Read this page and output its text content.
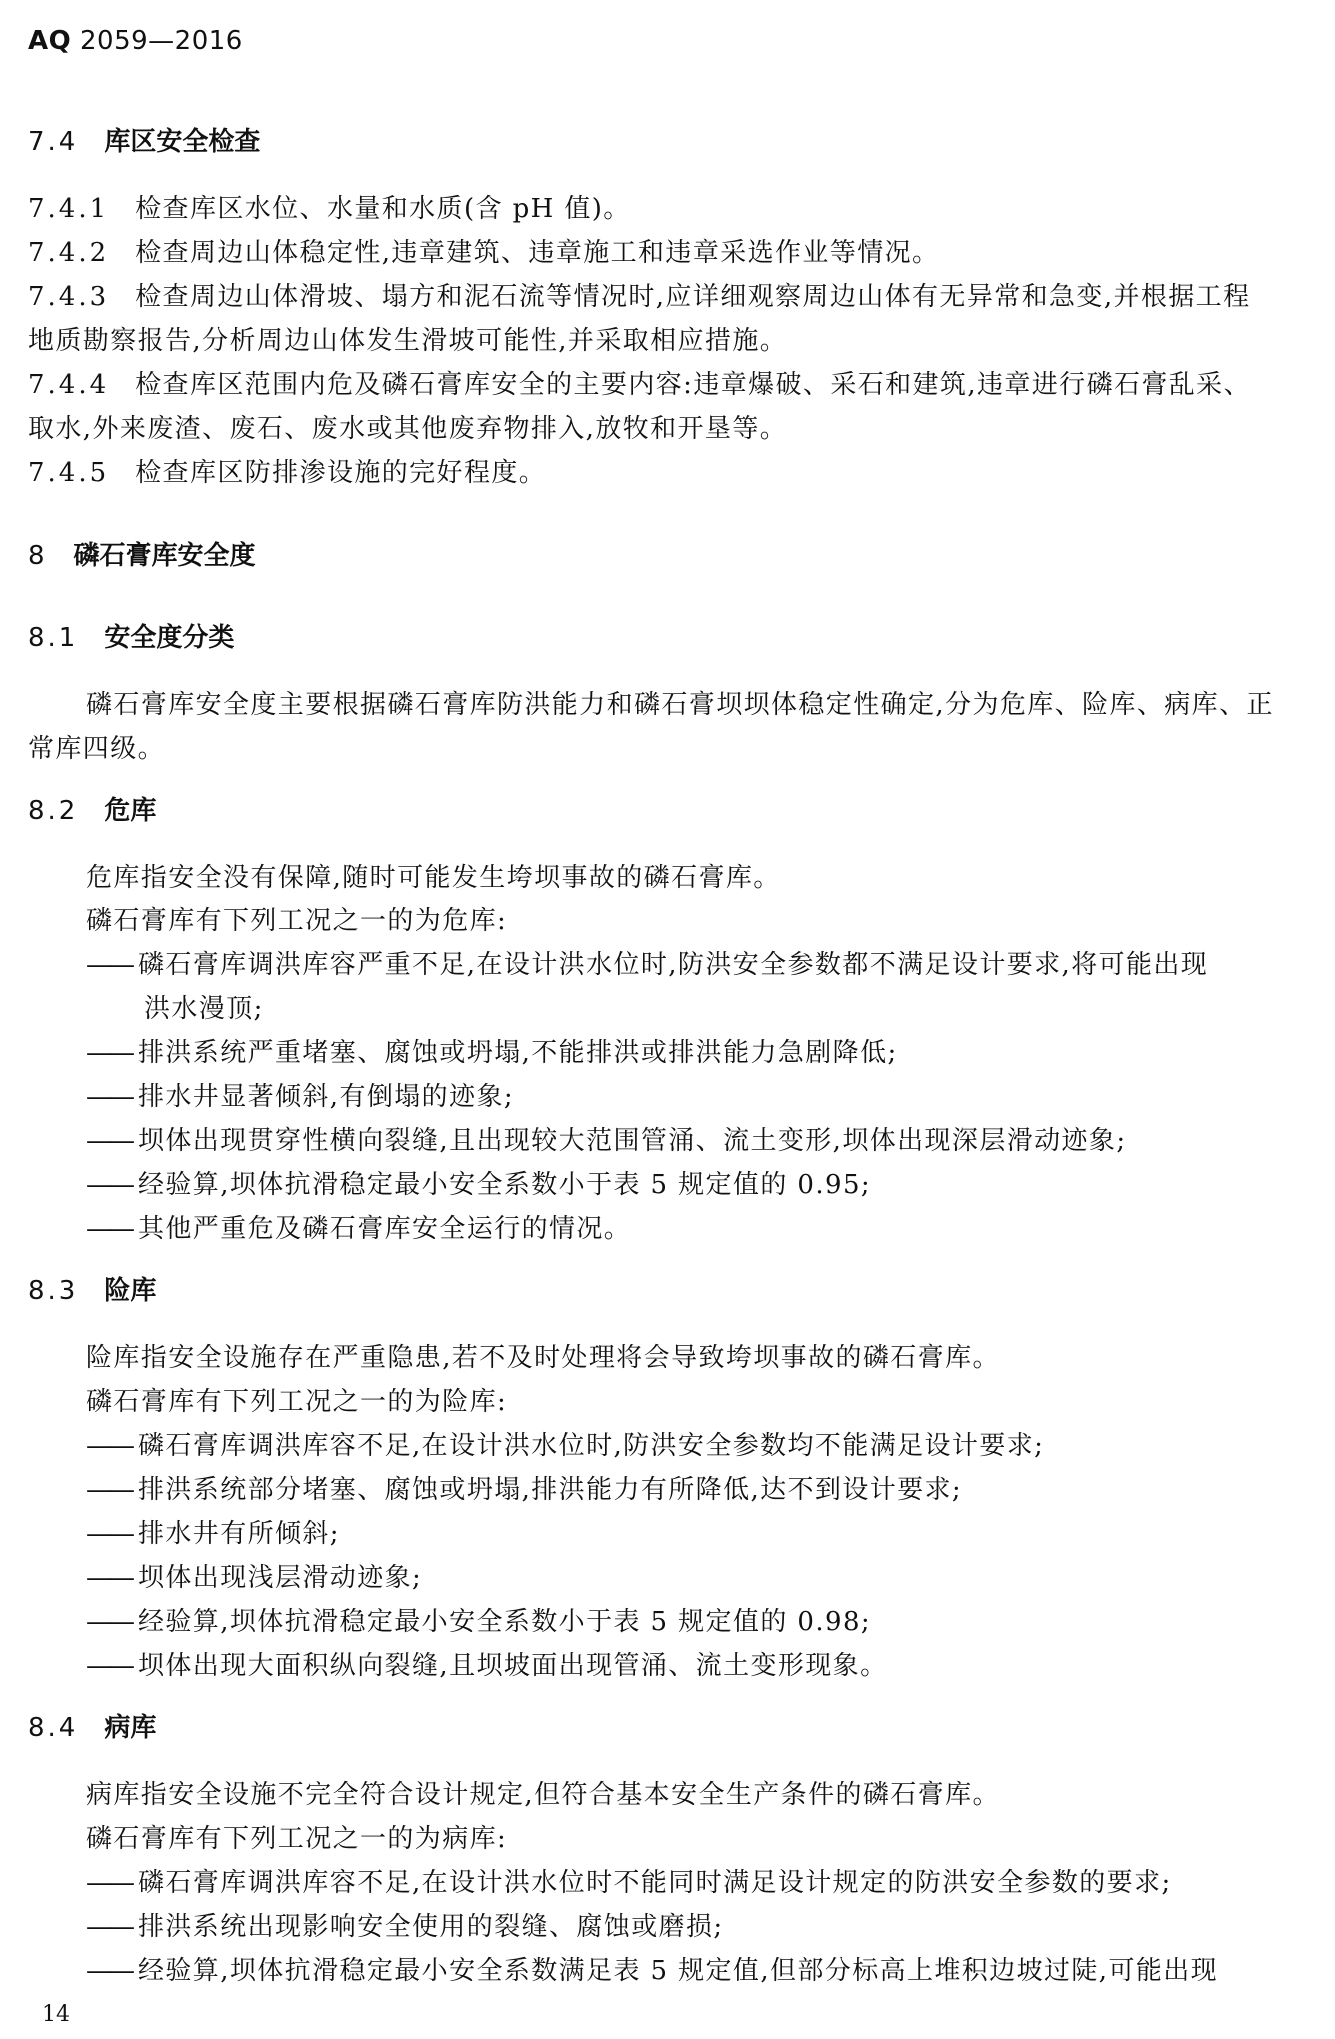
AQ 2059—2016
7.4 库区安全检查
7.4.1 检查库区水位、水量和水质(含 pH 值)。
7.4.2 检查周边山体稳定性,违章建筑、违章施工和违章采选作业等情况。
7.4.3 检查周边山体滑坡、塌方和泥石流等情况时,应详细观察周边山体有无异常和急变,并根据工程
地质勘察报告,分析周边山体发生滑坡可能性,并采取相应措施。
7.4.4 检查库区范围内危及磷石膏库安全的主要内容:违章爆破、采石和建筑,违章进行磷石膏乱采、
取水,外来废渣、废石、废水或其他废弃物排入,放牧和开垦等。
7.4.5 检查库区防排渗设施的完好程度。
8 磷石膏库安全度
8.1 安全度分类
磷石膏库安全度主要根据磷石膏库防洪能力和磷石膏坝坝体稳定性确定,分为危库、险库、病库、正
常库四级。
8.2 危库
危库指安全没有保障,随时可能发生垮坝事故的磷石膏库。
磷石膏库有下列工况之一的为危库:
—— 磷石膏库调洪库容严重不足,在设计洪水位时,防洪安全参数都不满足设计要求,将可能出现
洪水漫顶;
—— 排洪系统严重堵塞、腐蚀或坍塌,不能排洪或排洪能力急剧降低;
—— 排水井显著倾斜,有倒塌的迹象;
—— 坝体出现贯穿性横向裂缝,且出现较大范围管涌、流土变形,坝体出现深层滑动迹象;
—— 经验算,坝体抗滑稳定最小安全系数小于表 5 规定值的 0.95;
—— 其他严重危及磷石膏库安全运行的情况。
8.3 险库
险库指安全设施存在严重隐患,若不及时处理将会导致垮坝事故的磷石膏库。
磷石膏库有下列工况之一的为险库:
—— 磷石膏库调洪库容不足,在设计洪水位时,防洪安全参数均不能满足设计要求;
—— 排洪系统部分堵塞、腐蚀或坍塌,排洪能力有所降低,达不到设计要求;
—— 排水井有所倾斜;
—— 坝体出现浅层滑动迹象;
—— 经验算,坝体抗滑稳定最小安全系数小于表 5 规定值的 0.98;
—— 坝体出现大面积纵向裂缝,且坝坡面出现管涌、流土变形现象。
8.4 病库
病库指安全设施不完全符合设计规定,但符合基本安全生产条件的磷石膏库。
磷石膏库有下列工况之一的为病库:
—— 磷石膏库调洪库容不足,在设计洪水位时不能同时满足设计规定的防洪安全参数的要求;
—— 排洪系统出现影响安全使用的裂缝、腐蚀或磨损;
—— 经验算,坝体抗滑稳定最小安全系数满足表 5 规定值,但部分标高上堆积边坡过陡,可能出现
14
